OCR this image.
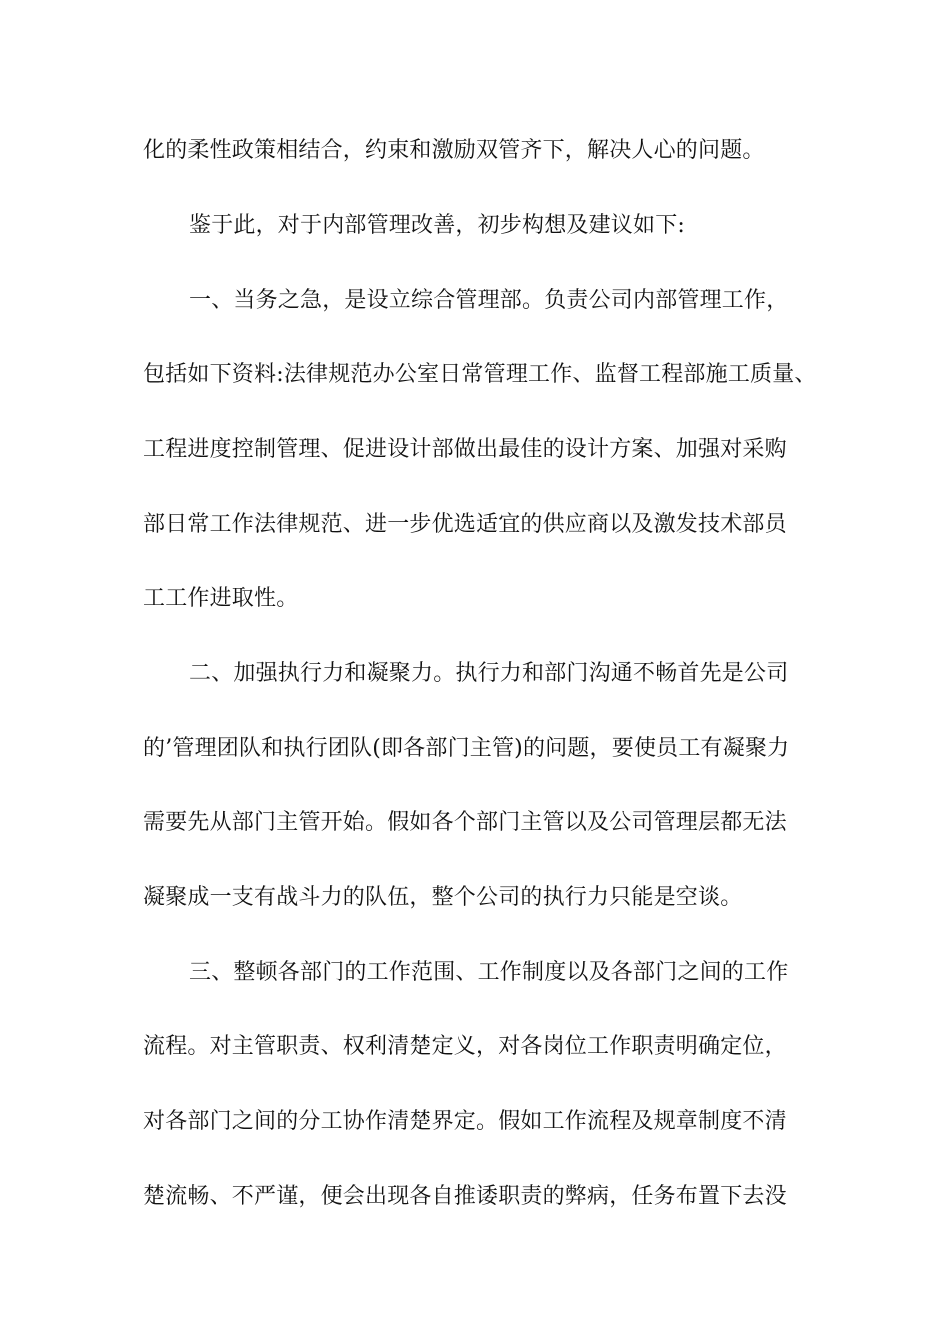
化的柔性政策相结合，约束和激励双管齐下，解决人心的问题。
鉴于此，对于内部管理改善，初步构想及建议如下:
一、当务之急，是设立综合管理部。负责公司内部管理工作，
包括如下资料:法律规范办公室日常管理工作、监督工程部施工质量、
工程进度控制管理、促进设计部做出最佳的设计方案、加强对采购
部日常工作法律规范、进一步优选适宜的供应商以及激发技术部员
工工作进取性。
二、加强执行力和凝聚力。执行力和部门沟通不畅首先是公司
的’管理团队和执行团队(即各部门主管)的问题，要使员工有凝聚力
需要先从部门主管开始。假如各个部门主管以及公司管理层都无法
凝聚成一支有战斗力的队伍，整个公司的执行力只能是空谈。
三、整顿各部门的工作范围、工作制度以及各部门之间的工作
流程。对主管职责、权利清楚定义，对各岗位工作职责明确定位，
对各部门之间的分工协作清楚界定。假如工作流程及规章制度不清
楚流畅、不严谨，便会出现各自推诿职责的弊病，任务布置下去没
